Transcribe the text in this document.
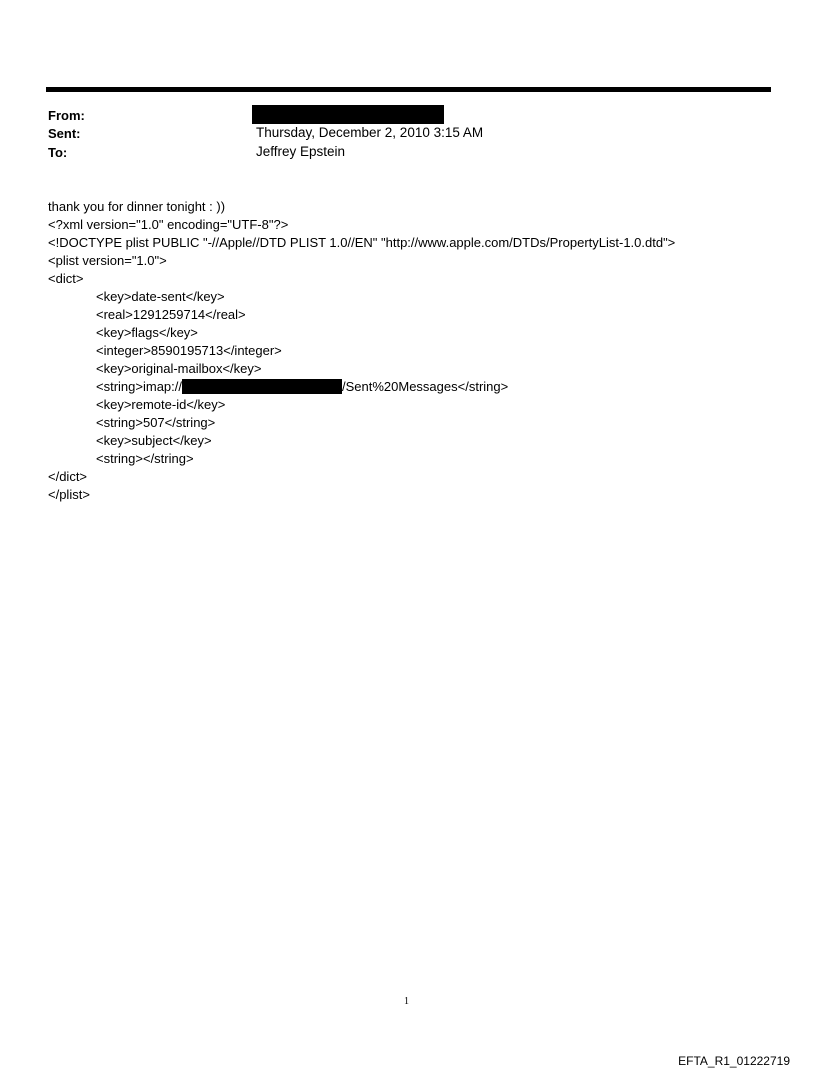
From:
Sent:	Thursday, December 2, 2010 3:15 AM
To:	Jeffrey Epstein
thank you for dinner tonight : ))
<?xml version="1.0" encoding="UTF-8"?>
<!DOCTYPE plist PUBLIC "-//Apple//DTD PLIST 1.0//EN" "http://www.apple.com/DTDs/PropertyList-1.0.dtd">
<plist version="1.0">
<dict>
<key>date-sent</key>
<real>1291259714</real>
<key>flags</key>
<integer>8590195713</integer>
<key>original-mailbox</key>
<string>imap://	/Sent%20Messages</string>
<key>remote-id</key>
<string>507</string>
<key>subject</key>
<string></string>
</dict>
</plist>
1
EFTA_R1_01222719
